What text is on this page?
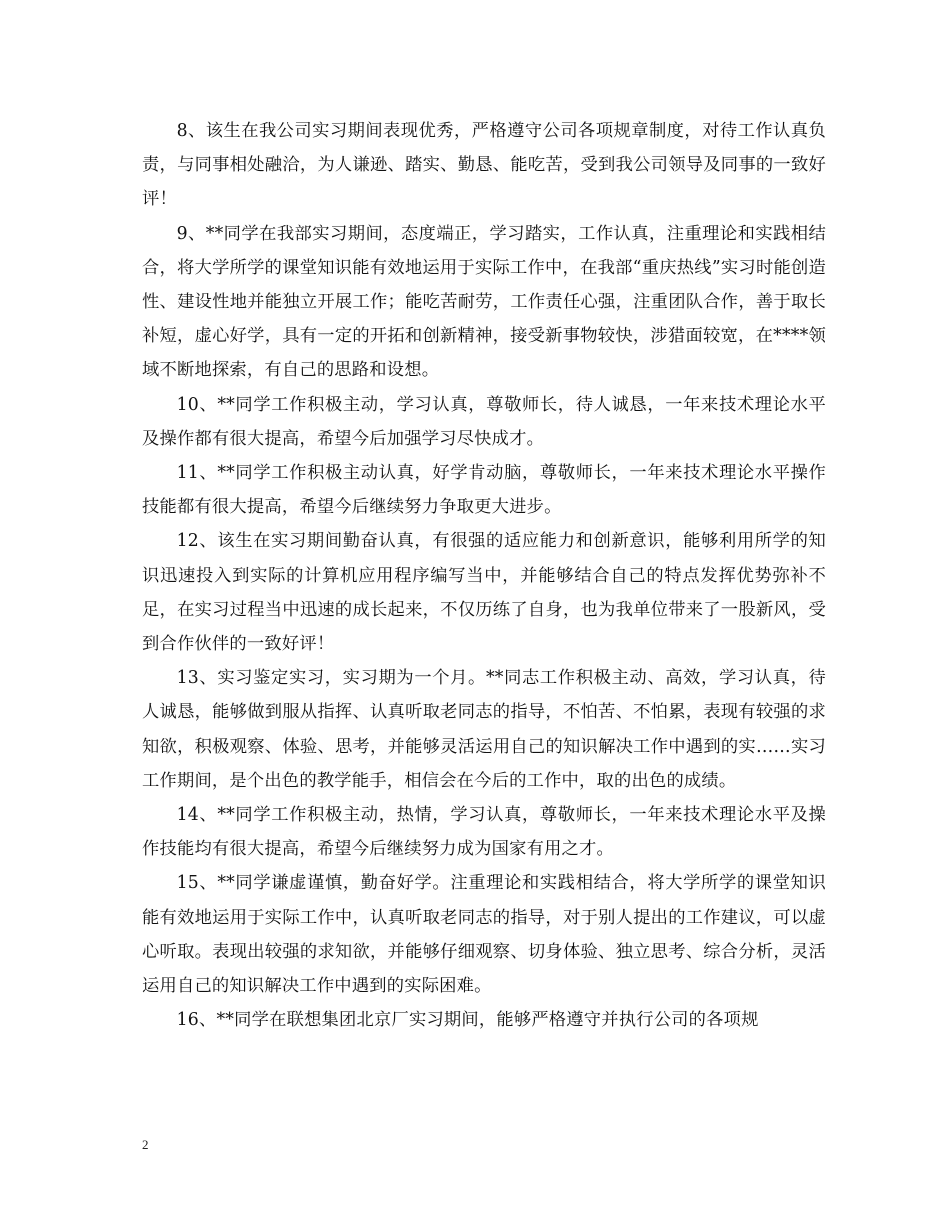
8、该生在我公司实习期间表现优秀，严格遵守公司各项规章制度，对待工作认真负责，与同事相处融洽，为人谦逊、踏实、勤恳、能吃苦，受到我公司领导及同事的一致好评！

9、**同学在我部实习期间，态度端正，学习踏实，工作认真，注重理论和实践相结合，将大学所学的课堂知识能有效地运用于实际工作中，在我部“重庆热线”实习时能创造性、建设性地并能独立开展工作；能吃苦耐劳，工作责任心强，注重团队合作，善于取长补短，虚心好学，具有一定的开拓和创新精神，接受新事物较快，涉猎面较宽，在****领域不断地探索，有自己的思路和设想。

10、**同学工作积极主动，学习认真，尊敬师长，待人诚恳，一年来技术理论水平及操作都有很大提高，希望今后加强学习尽快成才。

11、**同学工作积极主动认真，好学肯动脑，尊敬师长，一年来技术理论水平操作技能都有很大提高，希望今后继续努力争取更大进步。

12、该生在实习期间勤奋认真，有很强的适应能力和创新意识，能够利用所学的知识迅速投入到实际的计算机应用程序编写当中，并能够结合自己的特点发挥优势弥补不足，在实习过程当中迅速的成长起来，不仅历练了自身，也为我单位带来了一股新风，受到合作伙伴的一致好评！

13、实习鉴定实习，实习期为一个月。**同志工作积极主动、高效，学习认真，待人诚恳，能够做到服从指挥、认真听取老同志的指导，不怕苦、不怕累，表现有较强的求知欲，积极观察、体验、思考，并能够灵活运用自己的知识解决工作中遇到的实……实习工作期间，是个出色的教学能手，相信会在今后的工作中，取的出色的成绩。

14、**同学工作积极主动，热情，学习认真，尊敬师长，一年来技术理论水平及操作技能均有很大提高，希望今后继续努力成为国家有用之才。

15、**同学谦虚谨慎，勤奋好学。注重理论和实践相结合，将大学所学的课堂知识能有效地运用于实际工作中，认真听取老同志的指导，对于别人提出的工作建议，可以虚心听取。表现出较强的求知欲，并能够仔细观察、切身体验、独立思考、综合分析，灵活运用自己的知识解决工作中遇到的实际困难。

16、**同学在联想集团北京厂实习期间，能够严格遵守并执行公司的各项规

2
